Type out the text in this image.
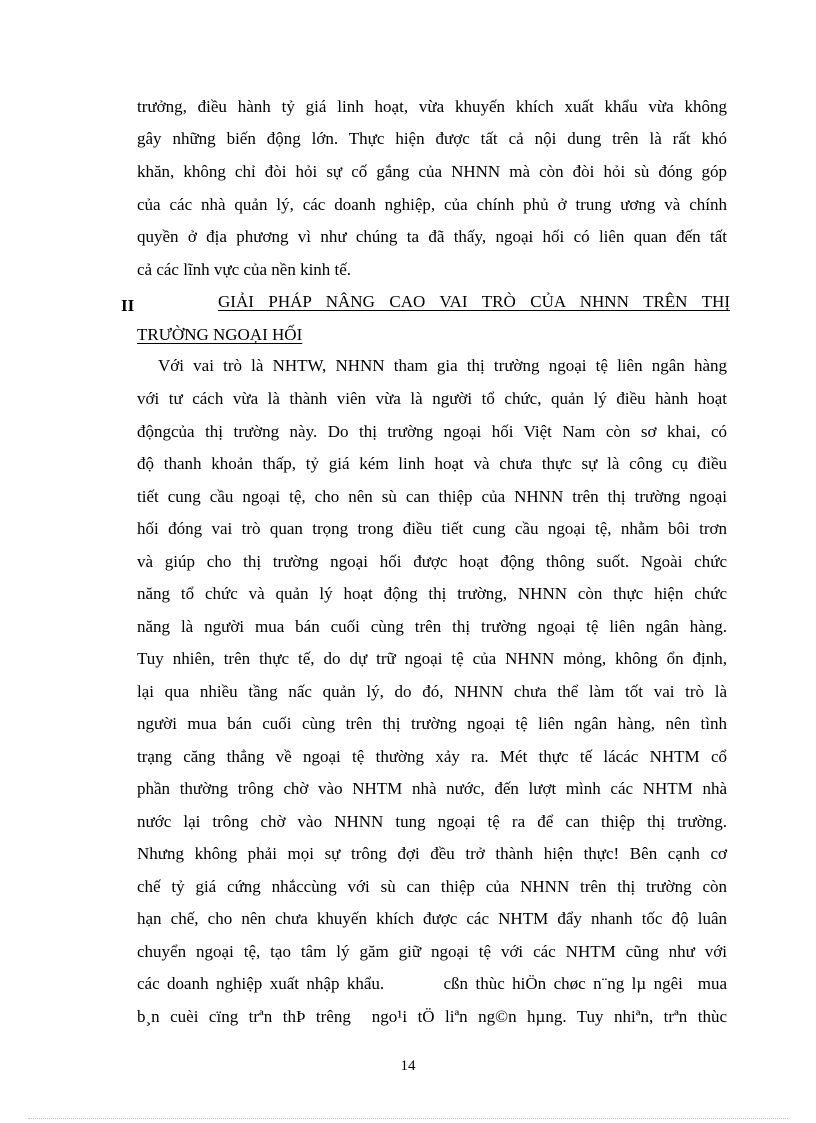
trưởng, điều hành tỷ giá linh hoạt, vừa khuyến khích xuất khẩu vừa không
gây những biến động lớn. Thực hiện được tất cả nội dung trên là rất khó
khăn, không chỉ đòi hỏi sự cố gắng của NHNN mà còn đòi hỏi sù đóng góp
của các nhà quản lý, các doanh nghiệp, của chính phủ ở trung ương và chính
quyền ở địa phương vì như chúng ta đã thấy, ngoại hối có liên quan đến tất
cả các lĩnh vực của nền kinh tế.
II	GIẢI PHÁP NÂNG CAO VAI TRÒ CỦA NHNN TRÊN THỊ
TRƯỜNG NGOẠI HỐI
Với vai trò là NHTW, NHNN tham gia thị trường ngoại tệ liên ngân hàng
với tư cách vừa là thành viên vừa là người tổ chức, quản lý điều hành hoạt
độngcủa thị trường này. Do thị trường ngoại hối Việt Nam còn sơ khai, có
độ thanh khoản thấp, tỷ giá kém linh hoạt và chưa thực sự là công cụ điều
tiết cung cầu ngoại tệ, cho nên sù can thiệp của NHNN trên thị trường ngoại
hối đóng vai trò quan trọng trong điều tiết cung cầu ngoại tệ, nhằm bôi trơn
và giúp cho thị trường ngoại hối được hoạt động thông suốt. Ngoài chức
năng tổ chức và quản lý hoạt động thị trường, NHNN còn thực hiện chức
năng là người mua bán cuối cùng trên thị trường ngoại tệ liên ngân hàng.
Tuy nhiên, trên thực tế, do dự trữ ngoại tệ của NHNN mỏng, không ổn định,
lại qua nhiều tầng nấc quản lý, do đó, NHNN chưa thể làm tốt vai trò là
người mua bán cuối cùng trên thị trường ngoại tệ liên ngân hàng, nên tình
trạng căng thẳng về ngoại tệ thường xảy ra. Mét thực tế lácác NHTM cổ
phần thường trông chờ vào NHTM nhà nước, đến lượt mình các NHTM nhà
nước lại trông chờ vào NHNN tung ngoại tệ ra để can thiệp thị trường.
Nhưng không phải mọi sự trông đợi đều trở thành hiện thực! Bên cạnh cơ
chế tỷ giá cứng nhắccùng với sù can thiệp của NHNN trên thị trường còn
hạn chế, cho nên chưa khuyến khích được các NHTM đẩy nhanh tốc độ luân
chuyển ngoại tệ, tạo tâm lý găm giữ ngoại tệ với các NHTM cũng như với
các doanh nghiệp xuất nhập khẩu.        cßn thùc hiÖn chøc n¨ng lµ ngêi  mua
b¸n cuèi cïng trªn thÞ trêng  ngo¹i tÖ liªn ng©n hµng. Tuy nhiªn, trªn thùc
14
